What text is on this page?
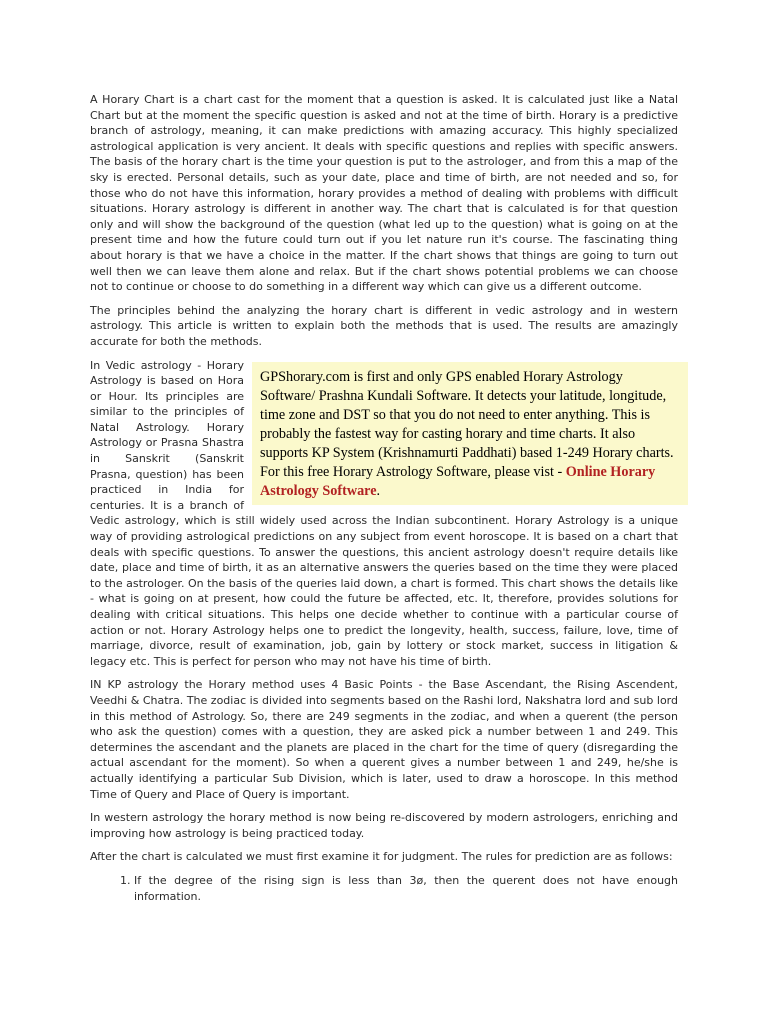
A Horary Chart is a chart cast for the moment that a question is asked. It is calculated just like a Natal Chart but at the moment the specific question is asked and not at the time of birth. Horary is a predictive branch of astrology, meaning, it can make predictions with amazing accuracy. This highly specialized astrological application is very ancient. It deals with specific questions and replies with specific answers. The basis of the horary chart is the time your question is put to the astrologer, and from this a map of the sky is erected. Personal details, such as your date, place and time of birth, are not needed and so, for those who do not have this information, horary provides a method of dealing with problems with difficult situations. Horary astrology is different in another way. The chart that is calculated is for that question only and will show the background of the question (what led up to the question) what is going on at the present time and how the future could turn out if you let nature run it's course. The fascinating thing about horary is that we have a choice in the matter. If the chart shows that things are going to turn out well then we can leave them alone and relax. But if the chart shows potential problems we can choose not to continue or choose to do something in a different way which can give us a different outcome.

The principles behind the analyzing the horary chart is different in vedic astrology and in western astrology. This article is written to explain both the methods that is used. The results are amazingly accurate for both the methods.

GPShorary.com is first and only GPS enabled Horary Astrology Software/ Prashna Kundali Software. It detects your latitude, longitude, time zone and DST so that you do not need to enter anything. This is probably the fastest way for casting horary and time charts. It also supports KP System (Krishnamurti Paddhati) based 1-249 Horary charts. For this free Horary Astrology Software, please vist - Online Horary Astrology Software.

In Vedic astrology - Horary Astrology is based on Hora or Hour. Its principles are similar to the principles of Natal Astrology. Horary Astrology or Prasna Shastra in Sanskrit (Sanskrit Prasna, question) has been practiced in India for centuries. It is a branch of Vedic astrology, which is still widely used across the Indian subcontinent. Horary Astrology is a unique way of providing astrological predictions on any subject from event horoscope. It is based on a chart that deals with specific questions. To answer the questions, this ancient astrology doesn't require details like date, place and time of birth, it as an alternative answers the queries based on the time they were placed to the astrologer. On the basis of the queries laid down, a chart is formed. This chart shows the details like - what is going on at present, how could the future be affected, etc. It, therefore, provides solutions for dealing with critical situations. This helps one decide whether to continue with a particular course of action or not. Horary Astrology helps one to predict the longevity, health, success, failure, love, time of marriage, divorce, result of examination, job, gain by lottery or stock market, success in litigation & legacy etc. This is perfect for person who may not have his time of birth.

IN KP astrology the Horary method uses 4 Basic Points - the Base Ascendant, the Rising Ascendent, Veedhi & Chatra. The zodiac is divided into segments based on the Rashi lord, Nakshatra lord and sub lord in this method of Astrology. So, there are 249 segments in the zodiac, and when a querent (the person who ask the question) comes with a question, they are asked pick a number between 1 and 249. This determines the ascendant and the planets are placed in the chart for the time of query (disregarding the actual ascendant for the moment). So when a querent gives a number between 1 and 249, he/she is actually identifying a particular Sub Division, which is later, used to draw a horoscope. In this method Time of Query and Place of Query is important.

In western astrology the horary method is now being re-discovered by modern astrologers, enriching and improving how astrology is being practiced today.

After the chart is calculated we must first examine it for judgment. The rules for prediction are as follows:

1. If the degree of the rising sign is less than 3ø, then the querent does not have enough information.
